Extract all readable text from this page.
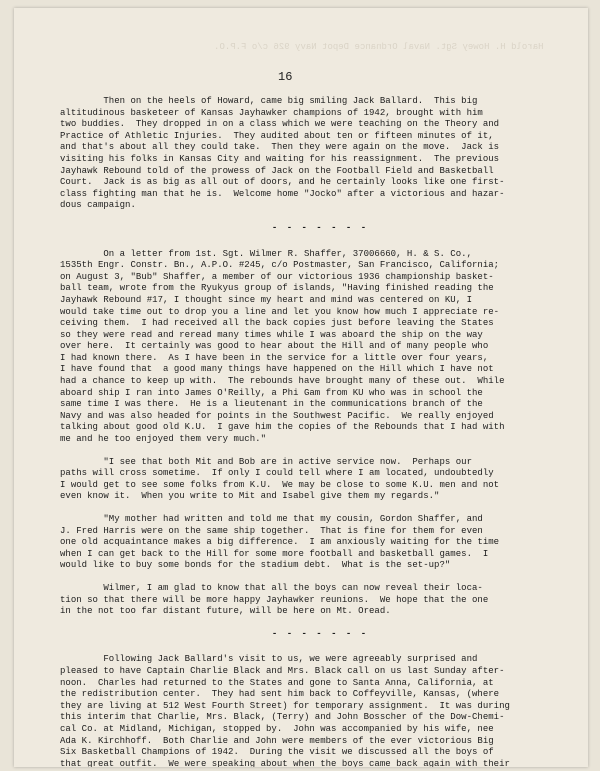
Harold H. Howey Sgt. Naval Ordnance Depot Navy 926 c/o F.P.O.
16

Then on the heels of Howard, came big smiling Jack Ballard.  This big
altitudinous basketeer of Kansas Jayhawker champions of 1942, brought with him
two buddies.  They dropped in on a class which we were teaching on the Theory and
Practice of Athletic Injuries.  They audited about ten or fifteen minutes of it,
and that's about all they could take.  Then they were again on the move.  Jack is
visiting his folks in Kansas City and waiting for his reassignment.  The previous
Jayhawk Rebound told of the prowess of Jack on the Football Field and Basketball
Court.  Jack is as big as all out of doors, and he certainly looks like one first-
class fighting man that he is.  Welcome home "Jocko" after a victorious and hazar-
dous campaign.

- - - - - - -

On a letter from 1st. Sgt. Wilmer R. Shaffer, 37006660, H. & S. Co.,
1535th Engr. Constr. Bn., A.P.O. #245, c/o Postmaster, San Francisco, California;
on August 3, "Bub" Shaffer, a member of our victorious 1936 championship basket-
ball team, wrote from the Ryukyus group of islands, "Having finished reading the
Jayhawk Rebound #17, I thought since my heart and mind was centered on KU, I
would take time out to drop you a line and let you know how much I appreciate re-
ceiving them.  I had received all the back copies just before leaving the States
so they were read and reread many times while I was aboard the ship on the way
over here.  It certainly was good to hear about the Hill and of many people who
I had known there.  As I have been in the service for a little over four years,
I have found that  a good many things have happened on the Hill which I have not
had a chance to keep up with.  The rebounds have brought many of these out.  While
aboard ship I ran into James O'Reilly, a Phi Gam from KU who was in school the
same time I was there.  He is a lieutenant in the communications branch of the
Navy and was also headed for points in the Southwest Pacific.  We really enjoyed
talking about good old K.U.  I gave him the copies of the Rebounds that I had with
me and he too enjoyed them very much."

"I see that both Mit and Bob are in active service now.  Perhaps our
paths will cross sometime.  If only I could tell where I am located, undoubtedly
I would get to see some folks from K.U.  We may be close to some K.U. men and not
even know it.  When you write to Mit and Isabel give them my regards."

"My mother had written and told me that my cousin, Gordon Shaffer, and
J. Fred Harris were on the same ship together.  That is fine for them for even
one old acquaintance makes a big difference.  I am anxiously waiting for the time
when I can get back to the Hill for some more football and basketball games.  I
would like to buy some bonds for the stadium debt.  What is the set-up?"

Wilmer, I am glad to know that all the boys can now reveal their loca-
tion so that there will be more happy Jayhawker reunions.  We hope that the one
in the not too far distant future, will be here on Mt. Oread.

- - - - - - -

Following Jack Ballard's visit to us, we were agreeably surprised and
pleased to have Captain Charlie Black and Mrs. Black call on us last Sunday after-
noon.  Charles had returned to the States and gone to Santa Anna, California, at
the redistribution center.  They had sent him back to Coffeyville, Kansas, (where
they are living at 512 West Fourth Street) for temporary assignment.  It was during
this interim that Charlie, Mrs. Black, (Terry) and John Bosscher of the Dow-Chemi-
cal Co. at Midland, Michigan, stopped by.  John was accompanied by his wife, nee
Ada K. Kirchhoff.  Both Charlie and John were members of the ever victorious Big
Six Basketball Champions of 1942.  During the visit we discussed all the boys of
that great outfit.  We were speaking about when the boys came back again with their
